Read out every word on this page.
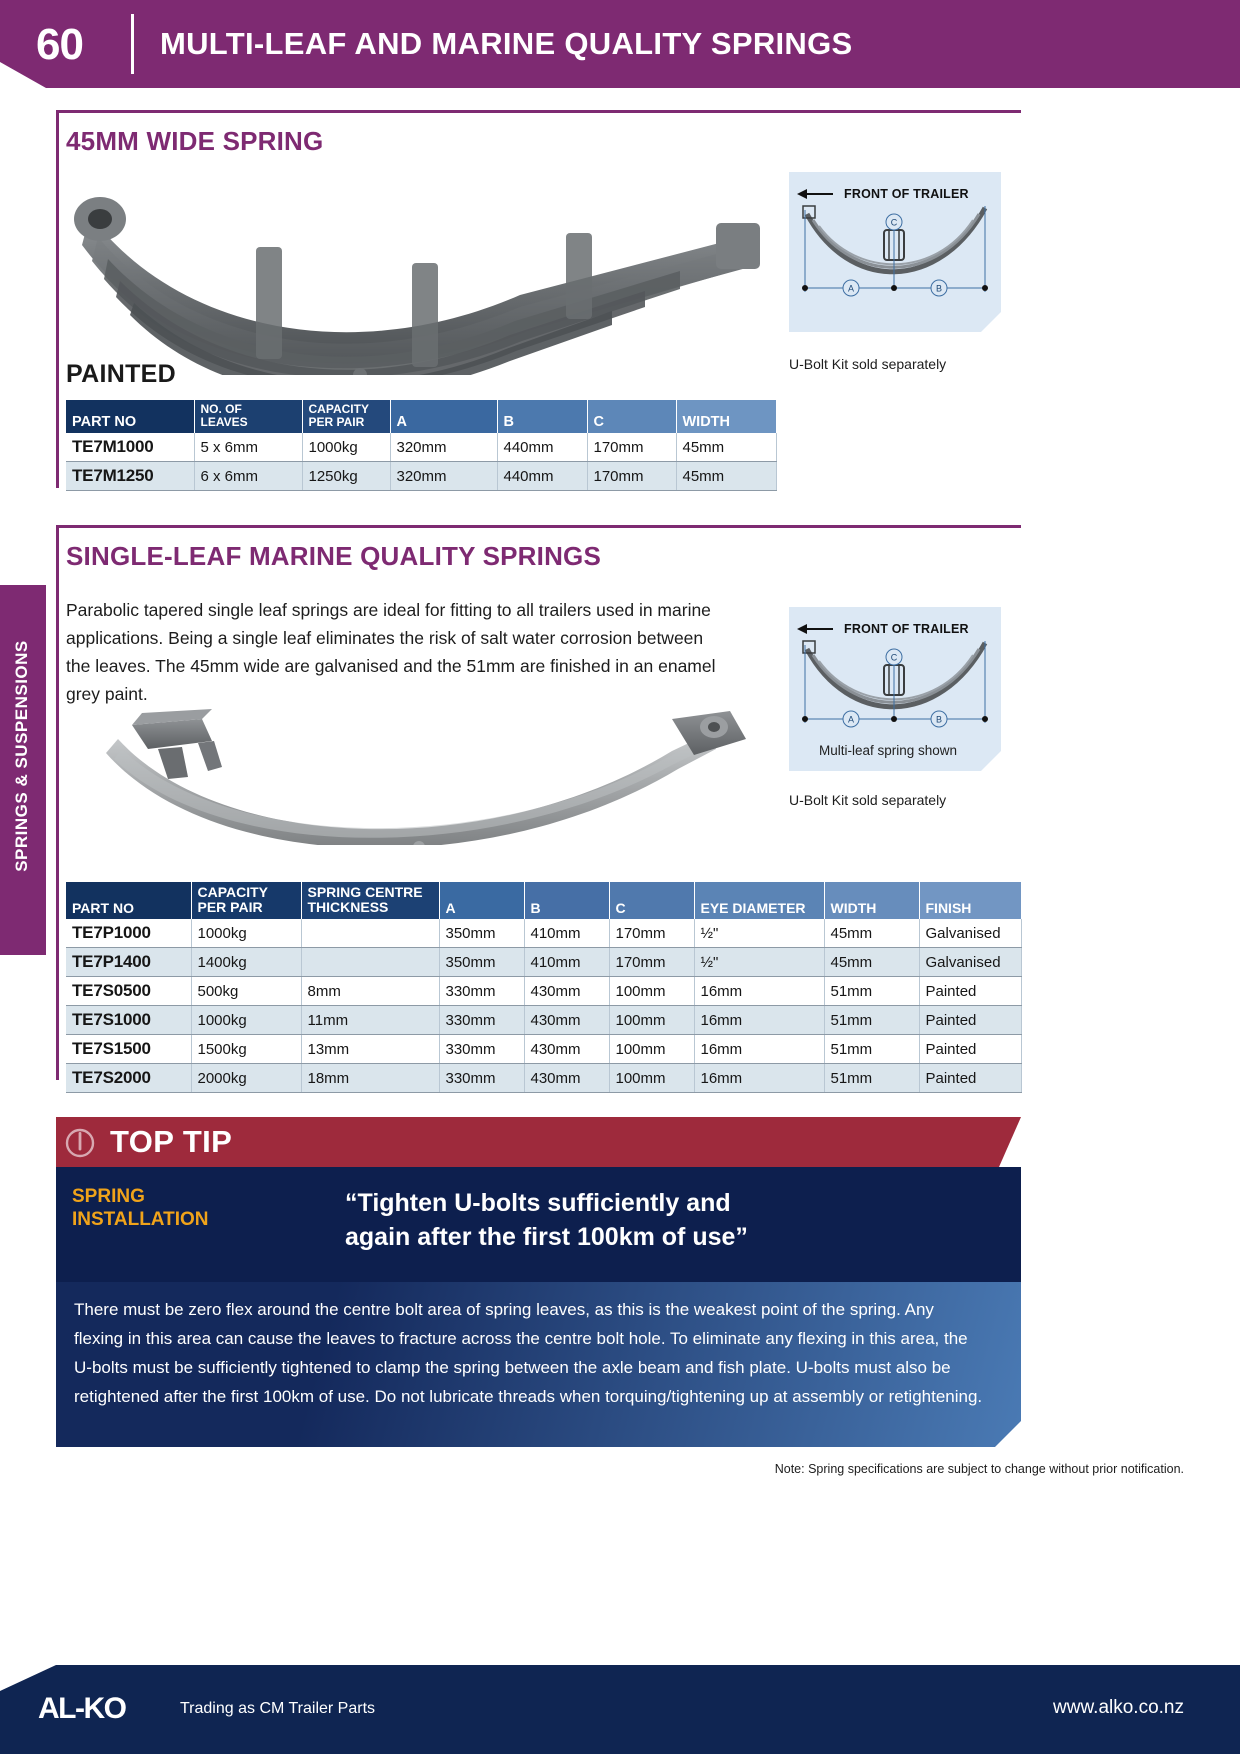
60 MULTI-LEAF AND MARINE QUALITY SPRINGS
SPRINGS & SUSPENSIONS
45MM WIDE SPRING
PAINTED
A	B
C
FRONT OF TRAILER
U-Bolt Kit sold separately
PART NO	
NO. OF
LEAVES

CAPACITY
PER PAIR	A	B	C	WIDTH
TE7M1000	5 x 6mm	1000kg	320mm	440mm	170mm	45mm
TE7M1250	6 x 6mm	1250kg	320mm	440mm	170mm	45mm
SINGLE-LEAF MARINE QUALITY SPRINGS
Parabolic tapered single leaf springs are ideal for fitting to all trailers used in marine applications. Being a single leaf eliminates the risk of salt water corrosion between the leaves. The 45mm wide are galvanised and the 51mm are finished in an enamel grey paint.
A	B
C
FRONT OF TRAILER
Multi-leaf spring shown
U-Bolt Kit sold separately
PART NO	
CAPACITY
PER PAIR

SPRING CENTRE
THICKNESS	A	B	C	EYE DIAMETER	WIDTH	FINISH
TE7P1000	1000kg		350mm	410mm	170mm	½"	45mm	Galvanised
TE7P1400	1400kg		350mm	410mm	170mm	½"	45mm	Galvanised
TE7S0500	500kg	8mm	330mm	430mm	100mm	16mm	51mm	Painted
TE7S1000	1000kg	11mm	330mm	430mm	100mm	16mm	51mm	Painted
TE7S1500	1500kg	13mm	330mm	430mm	100mm	16mm	51mm	Painted
TE7S2000	2000kg	18mm	330mm	430mm	100mm	16mm	51mm	Painted
TOP TIP
SPRING
INSTALLATION
“Tighten U-bolts sufficiently and
again after the first 100km of use”
There must be zero flex around the centre bolt area of spring leaves, as this is the weakest point of the spring. Any flexing in this area can cause the leaves to fracture across the centre bolt hole. To eliminate any flexing in this area, the U-bolts must be sufficiently tightened to clamp the spring between the axle beam and fish plate. U-bolts must also be retightened after the first 100km of use. Do not lubricate threads when torquing/tightening up at assembly or retightening.
Note: Spring specifications are subject to change without prior notification.
AL-KO	Trading as CM Trailer Parts	www.alko.co.nz
